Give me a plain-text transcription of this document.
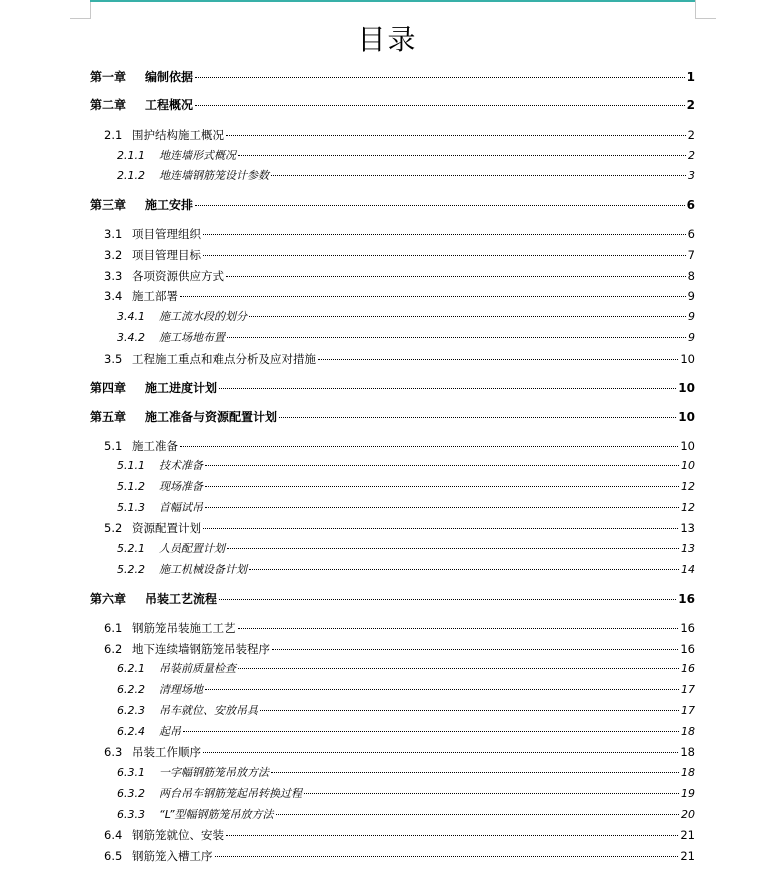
目录
第一章	编制依据	1
第二章	工程概况	2
2.1 围护结构施工概况	2
2.1.1	地连墙形式概况	2
2.1.2	地连墙钢筋笼设计参数	3
第三章	施工安排	6
3.1 项目管理组织	6
3.2 项目管理目标	7
3.3 各项资源供应方式	8
3.4 施工部署	9
3.4.1	施工流水段的划分	9
3.4.2	施工场地布置	9
3.5 工程施工重点和难点分析及应对措施	10
第四章	施工进度计划	10
第五章	施工准备与资源配置计划	10
5.1 施工准备	10
5.1.1	技术准备	10
5.1.2	现场准备	12
5.1.3	首幅试吊	12
5.2 资源配置计划	13
5.2.1	人员配置计划	13
5.2.2	施工机械设备计划	14
第六章	吊装工艺流程	16
6.1 钢筋笼吊装施工工艺	16
6.2 地下连续墙钢筋笼吊装程序	16
6.2.1	吊装前质量检查	16
6.2.2	清理场地	17
6.2.3	吊车就位、安放吊具	17
6.2.4	起吊	18
6.3 吊装工作顺序	18
6.3.1	一字幅钢筋笼吊放方法	18
6.3.2	两台吊车钢筋笼起吊转换过程	19
6.3.3	“L”型幅钢筋笼吊放方法	20
6.4 钢筋笼就位、安装	21
6.5 钢筋笼入槽工序	21
